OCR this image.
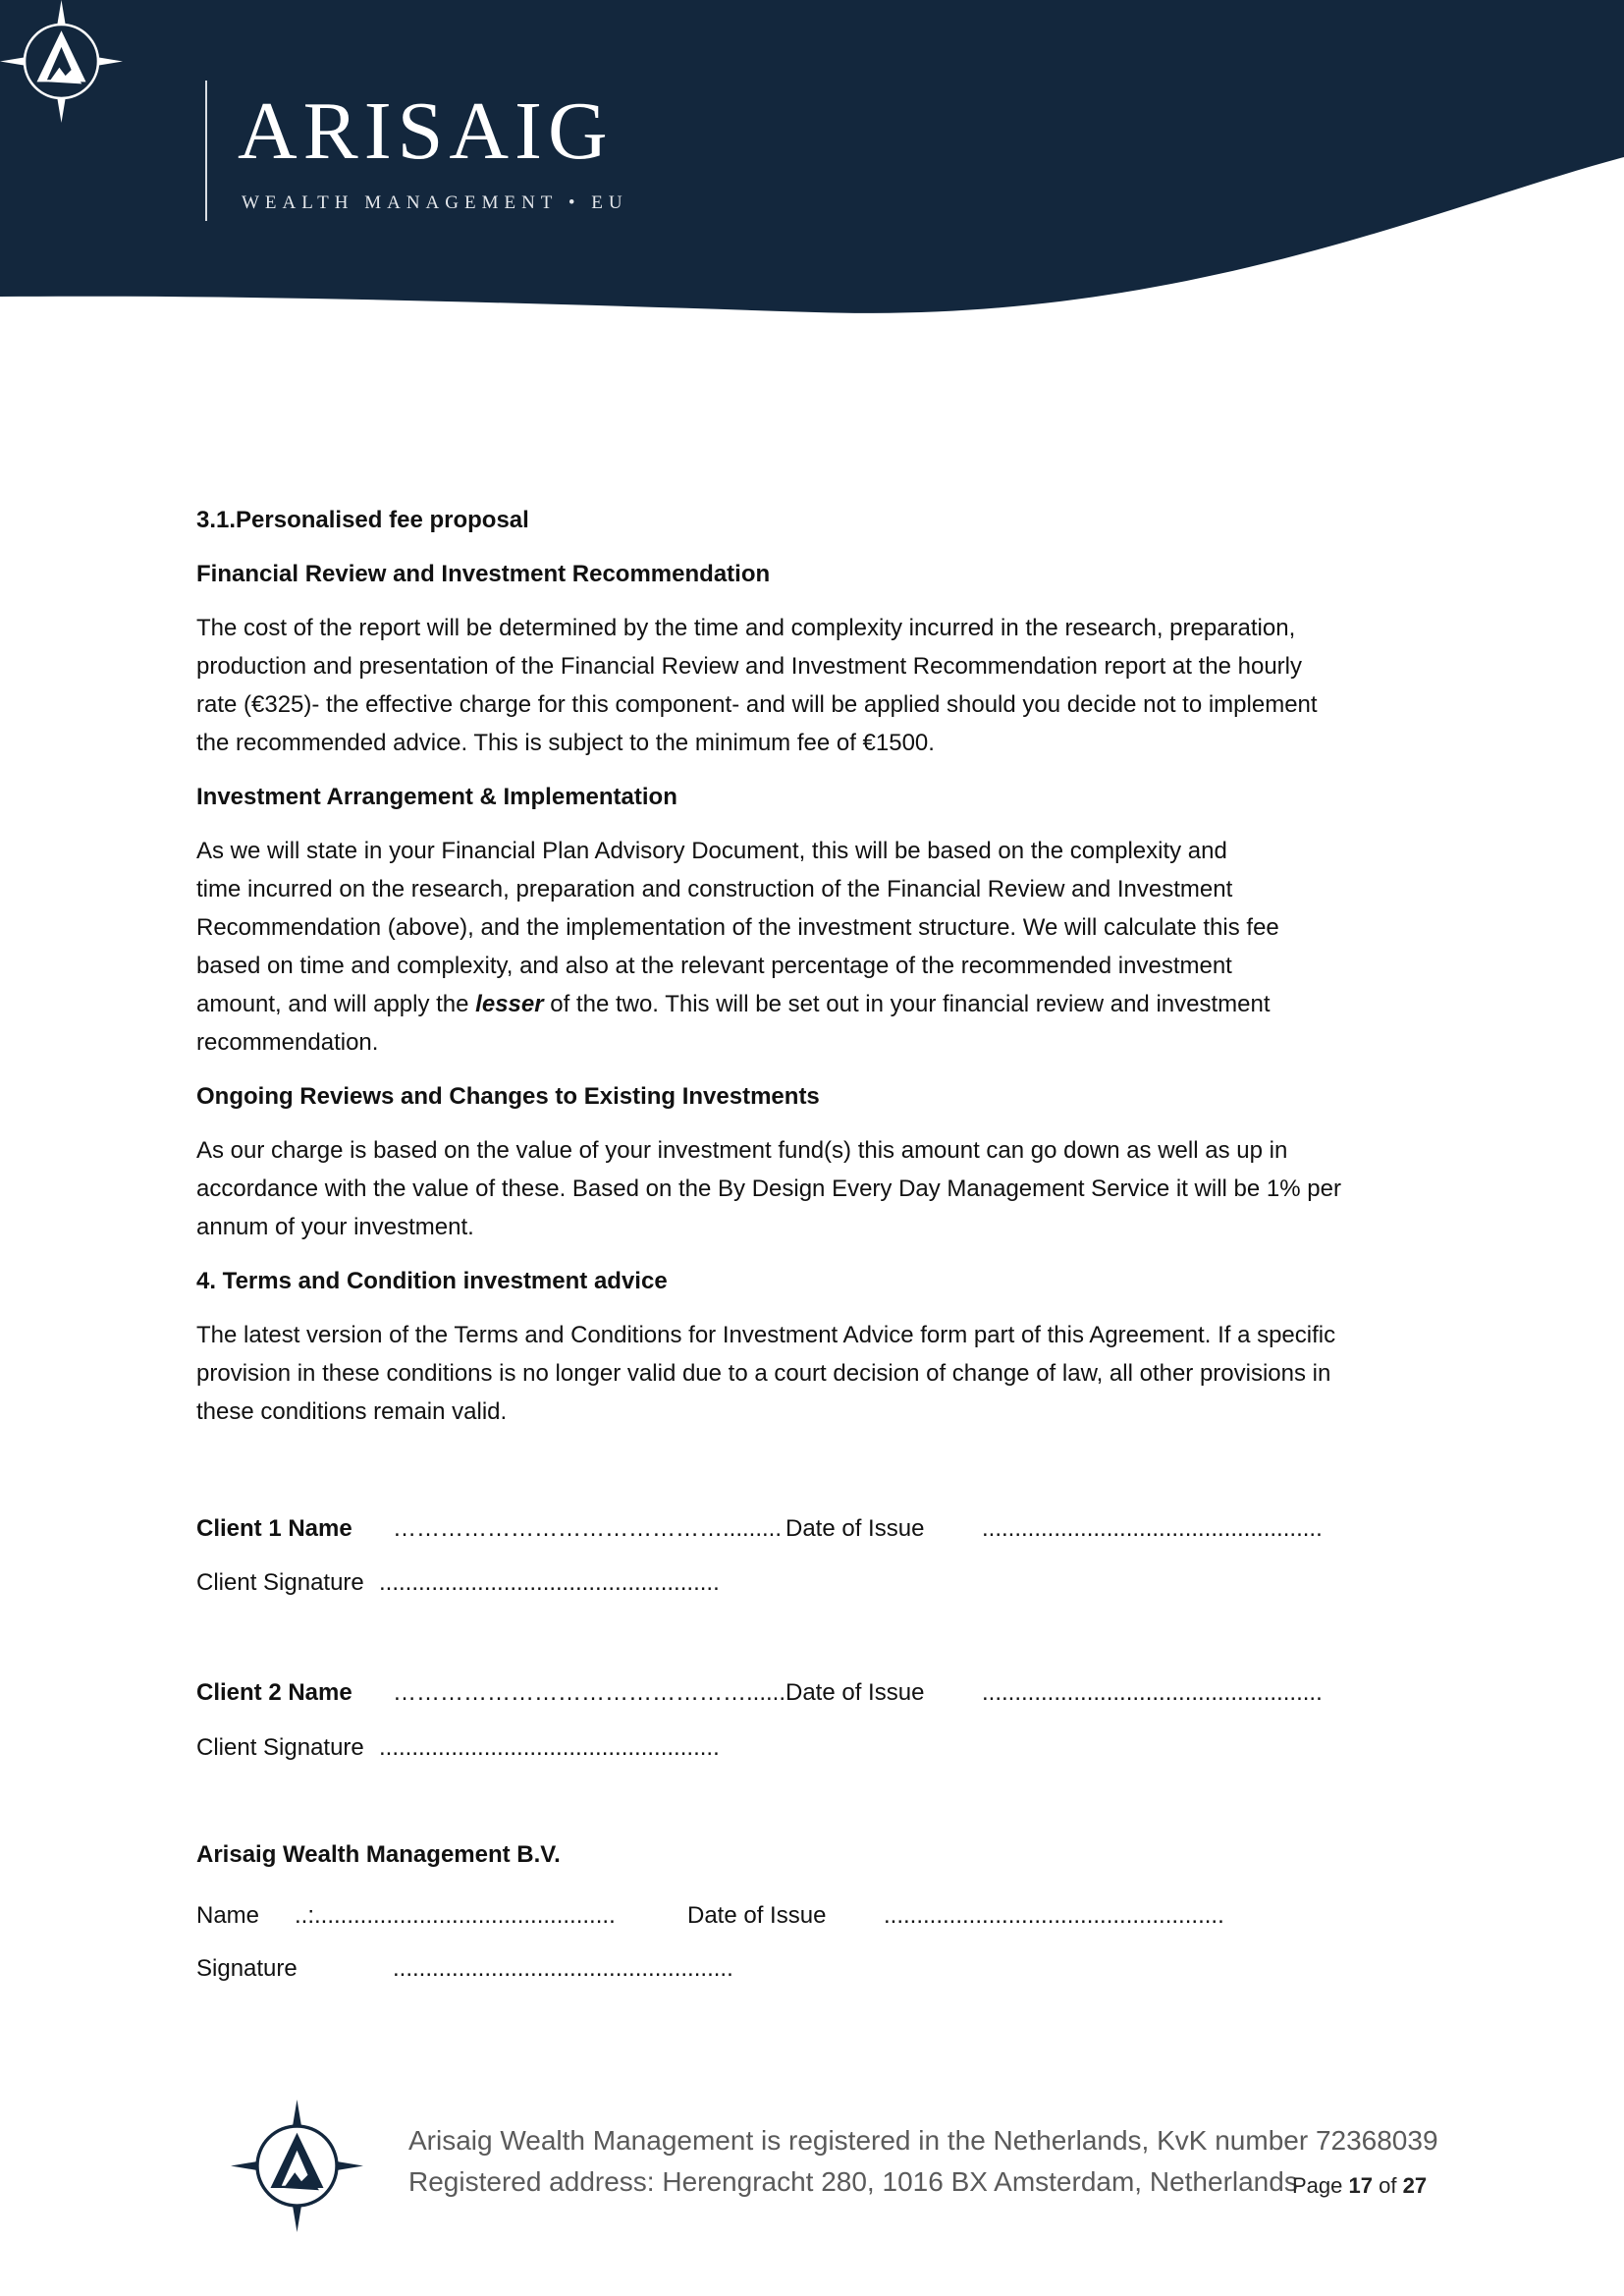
ARISAIG
WEALTH MANAGEMENT • EU
3.1.Personalised fee proposal
Financial Review and Investment Recommendation
The cost of the report will be determined by the time and complexity incurred in the research, preparation,
production and presentation of the Financial Review and Investment Recommendation report at the hourly
rate (€325)- the effective charge for this component- and will be applied should you decide not to implement
the recommended advice. This is subject to the minimum fee of €1500.
Investment Arrangement & Implementation
As we will state in your Financial Plan Advisory Document, this will be based on the complexity and
time incurred on the research, preparation and construction of the Financial Review and Investment
Recommendation (above), and the implementation of the investment structure. We will calculate this fee
based on time and complexity, and also at the relevant percentage of the recommended investment
amount, and will apply the lesser of the two. This will be set out in your financial review and investment
recommendation.
Ongoing Reviews and Changes to Existing Investments
As our charge is based on the value of your investment fund(s) this amount can go down as well as up in
accordance with the value of these. Based on the By Design Every Day Management Service it will be 1% per
annum of your investment.
4. Terms and Condition investment advice
The latest version of the Terms and Conditions for Investment Advice form part of this Agreement. If a specific
provision in these conditions is no longer valid due to a court decision of change of law, all other provisions in
these conditions remain valid.
Client 1 Name ……………………………………......... Date of Issue ....................................................
Client Signature ....................................................
Client 2 Name ………………………………………...... Date of Issue ....................................................
Client Signature ....................................................
Arisaig Wealth Management B.V.
Name ..:..............................................	Date of Issue ....................................................
Signature	....................................................
Arisaig Wealth Management is registered in the Netherlands, KvK number 72368039
Registered address: Herengracht 280, 1016 BX Amsterdam, Netherlands
Page 17 of 27
